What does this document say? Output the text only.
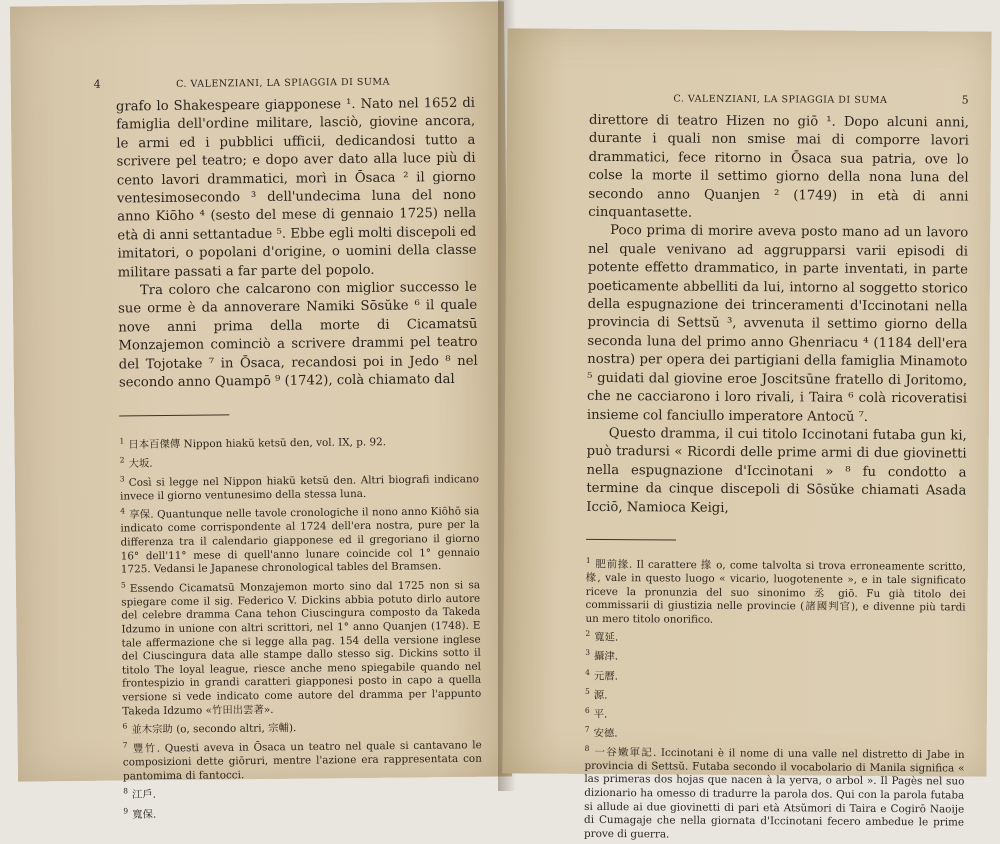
4	C. VALENZIANI, LA SPIAGGIA DI SUMA

grafo lo Shakespeare giapponese ¹. Nato nel 1652 di famiglia dell'ordine militare, lasciò, giovine ancora, le armi ed i pubblici ufficii, dedicandosi tutto a scrivere pel teatro; e dopo aver dato alla luce più di cento lavori drammatici, morì in Ōsaca ² il giorno ventesimosecondo ³ dell'undecima luna del nono anno Kiōho ⁴ (sesto del mese di gennaio 1725) nella età di anni settantadue ⁵. Ebbe egli molti discepoli ed imitatori, o popolani d'origine, o uomini della classe militare passati a far parte del popolo.

Tra coloro che calcarono con miglior successo le sue orme è da annoverare Namiki Sōsŭke ⁶ il quale nove anni prima della morte di Cicamatsū Monzajemon cominciò a scrivere drammi pel teatro del Tojotake ⁷ in Ōsaca, recandosi poi in Jedo ⁸ nel secondo anno Quampō ⁹ (1742), colà chiamato dal

$^1$ 日本百傑傳 Nippon hiakŭ ketsŭ den, vol. IX, p. 92.

$^2$ 大坂.

$^3$ Così si legge nel Nippon hiakŭ ketsŭ den. Altri biografi indicano invece il giorno ventunesimo della stessa luna.

$^4$ 享保. Quantunque nelle tavole cronologiche il nono anno Kiōhō sia indicato come corrispondente al 1724 dell'era nostra, pure per la differenza tra il calendario giapponese ed il gregoriano il giorno 16° dell'11° mese di quell'anno lunare coincide col 1° gennaio 1725. Vedansi le Japanese chronological tables del Bramsen.

$^5$ Essendo Cicamatsū Monzajemon morto sino dal 1725 non si sa spiegare come il sig. Federico V. Dickins abbia potuto dirlo autore del celebre dramma Cana tehon Ciuscingura composto da Takeda Idzumo in unione con altri scrittori, nel 1° anno Quanjen (1748). E tale affermazione che si legge alla pag. 154 della versione inglese del Ciuscingura data alle stampe dallo stesso sig. Dickins sotto il titolo The loyal league, riesce anche meno spiegabile quando nel frontespizio in grandi caratteri giapponesi posto in capo a quella versione si vede indicato come autore del dramma per l'appunto Takeda Idzumo «竹田出雲著».

$^6$ 並木宗助 (o, secondo altri, 宗輔).

$^7$ 豐竹. Questi aveva in Ōsaca un teatro nel quale si cantavano le composizioni dette giōruri, mentre l'azione era rappresentata con pantomima di fantocci.

$^8$ 江戶.

$^9$ 寬保.

C. VALENZIANI, LA SPIAGGIA DI SUMA	5

direttore di teatro Hizen no giō ¹. Dopo alcuni anni, durante i quali non smise mai di comporre lavori drammatici, fece ritorno in Ōsaca sua patria, ove lo colse la morte il settimo giorno della nona luna del secondo anno Quanjen ² (1749) in età di anni cinquantasette.

Poco prima di morire aveva posto mano ad un lavoro nel quale venivano ad aggrupparsi varii episodi di potente effetto drammatico, in parte inventati, in parte poeticamente abbelliti da lui, intorno al soggetto storico della espugnazione dei trinceramenti d'Iccinotani nella provincia di Settsŭ ³, avvenuta il settimo giorno della seconda luna del primo anno Ghenriacu ⁴ (1184 dell'era nostra) per opera dei partigiani della famiglia Minamoto ⁵ guidati dal giovine eroe Joscitsūne fratello di Joritomo, che ne cacciarono i loro rivali, i Taira ⁶ colà ricoveratisi insieme col fanciullo imperatore Antocŭ ⁷.

Questo dramma, il cui titolo Iccinotani futaba gun ki, può tradursi « Ricordi delle prime armi di due giovinetti nella espugnazione d'Iccinotani » ⁸ fu condotto a termine da cinque discepoli di Sōsŭke chiamati Asada Icciō, Namioca Keigi,

$^1$ 肥前掾. Il carattere 掾 o, come talvolta si trova erroneamente scritto, 椽, vale in questo luogo « vicario, luogotenente », e in tale significato riceve la pronunzia del suo sinonimo 丞 giō. Fu già titolo dei commissarii di giustizia nelle provincie (諸國判官), e divenne più tardi un mero titolo onorifico.

$^2$ 寬延.

$^3$ 攝津.

$^4$ 元曆.

$^5$ 源.

$^6$ 平.

$^7$ 安德.

$^8$ 一谷嫩軍記. Iccinotani è il nome di una valle nel distretto di Jabe in provincia di Settsŭ. Futaba secondo il vocabolario di Manila significa « las primeras dos hojas que nacen à la yerva, o arbol ». Il Pagès nel suo dizionario ha omesso di tradurre la parola dos. Qui con la parola futaba si allude ai due giovinetti di pari età Atsŭmori di Taira e Cogirō Naoije di Cumagaje che nella giornata d'Iccinotani fecero ambedue le prime prove di guerra.
